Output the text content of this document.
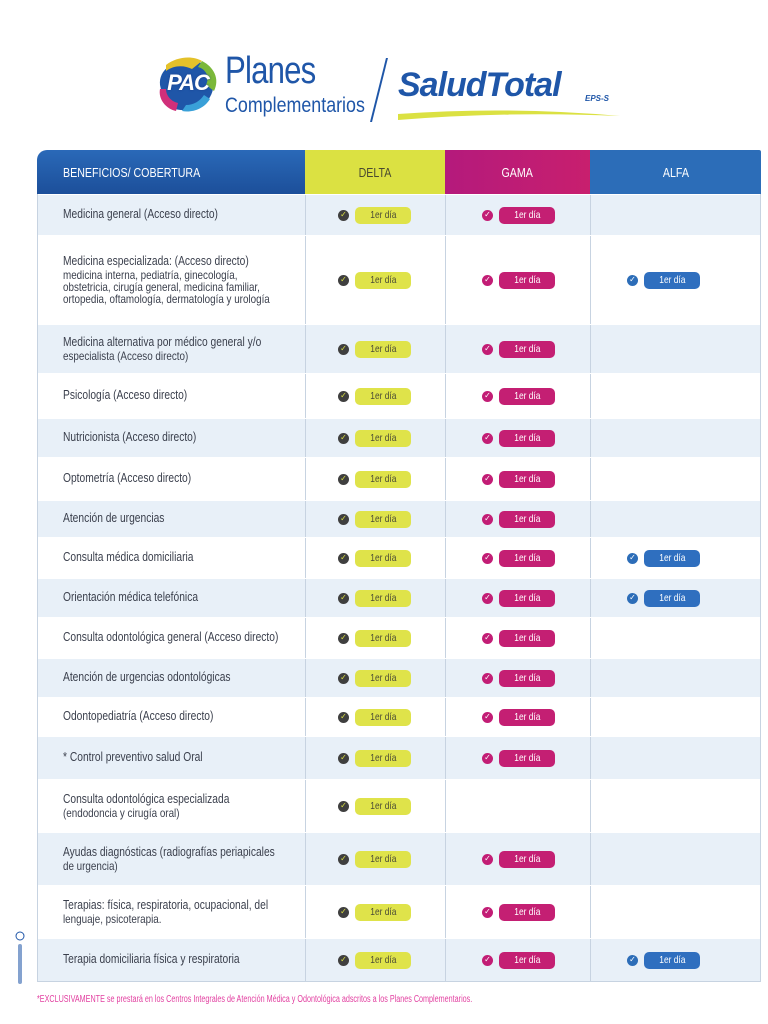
PAC Planes
Complementarios
SaludTotal	EPS-S
BENEFICIOS/ COBERTURA	DELTA	GAMA	ALFA
Medicina general (Acceso directo)	✓ 1er día	✓ 1er día
Medicina especializada: (Acceso directo)
medicina interna, pediatría, ginecología,
obstetricia, cirugía general, medicina familiar,
ortopedia, oftamología, dermatología y urología
✓ 1er día	✓ 1er día	✓ 1er día
Medicina alternativa por médico general y/o
especialista (Acceso directo)
✓ 1er día	✓ 1er día
Psicología (Acceso directo)	✓ 1er día	✓ 1er día
Nutricionista (Acceso directo)	✓ 1er día	✓ 1er día
Optometría (Acceso directo)	✓ 1er día	✓ 1er día
Atención de urgencias	✓ 1er día	✓ 1er día
Consulta médica domiciliaria	✓ 1er día	✓ 1er día	✓ 1er día
Orientación médica telefónica	✓ 1er día	✓ 1er día	✓ 1er día
Consulta odontológica general (Acceso directo)	✓ 1er día	✓ 1er día
Atención de urgencias odontológicas	✓ 1er día	✓ 1er día
Odontopediatría (Acceso directo)	✓ 1er día	✓ 1er día
* Control preventivo salud Oral	✓ 1er día	✓ 1er día
Consulta odontológica especializada
(endodoncia y cirugía oral)
✓ 1er día
Ayudas diagnósticas (radiografías periapicales
de urgencia)
✓ 1er día	✓ 1er día
Terapias: física, respiratoria, ocupacional, del
lenguaje, psicoterapia.
✓ 1er día	✓ 1er día
Terapia domiciliaria física y respiratoria	✓ 1er día	✓ 1er día	✓ 1er día
*EXCLUSIVAMENTE se prestará en los Centros Integrales de Atención Médica y Odontológica adscritos a los Planes Complementarios.
